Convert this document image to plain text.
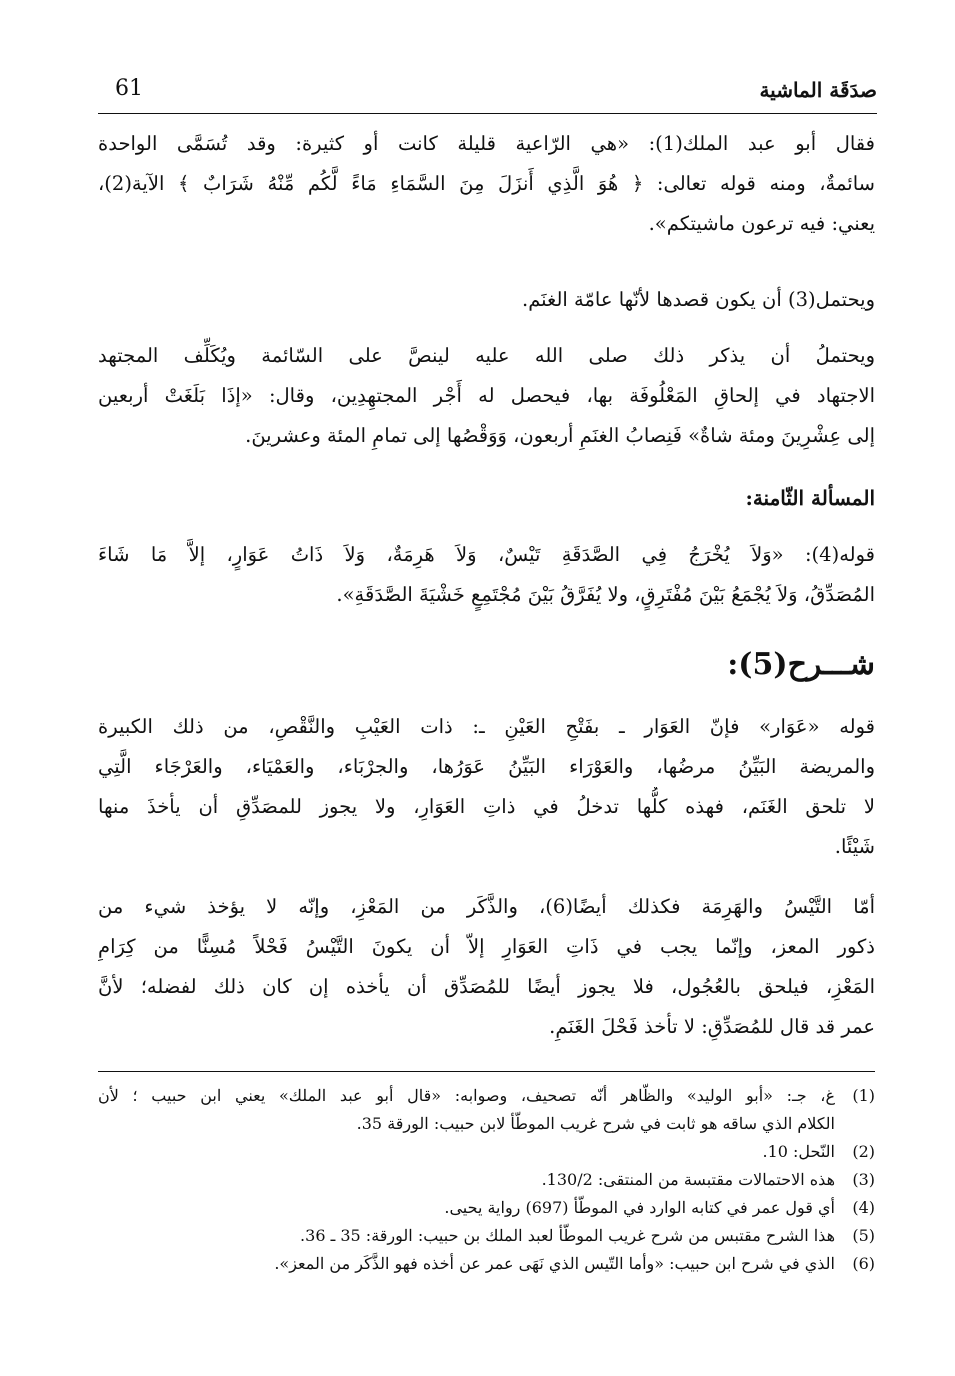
61	صدَقَة الماشية
فقال أبو عبد الملك(1): «هي الرّاعية قليلة كانت أو كثيرة: وقد تُسَمَّى الواحدة
سائمةٌ، ومنه قوله تعالى: ﴿ هُوَ الَّذِي أَنزَلَ مِنَ السَّمَاءِ مَاءً لَّكُم مِّنْهُ شَرَابٌ ﴾ الآية(2)،
يعني: فيه ترعون ماشيتكم».
ويحتمل(3) أن يكون قصدها لأنّها عامّة الغنَم.
ويحتملُ أن يذكر ذلك صلى الله عليه لينصَّ على السّائمة ويُكَلِّف المجتهد
الاجتهاد في إلحاقِ المَعْلُوفَة بها، فيحصل له أَجْر المجتهِدِين، وقال: «إذَا بَلَغَتْ أربعين
إلى عِشْرِينَ ومئة شاةٌ» فَنِصابُ الغنَمِ أربعون، وَوَقْصُها إلى تمامِ المئة وعشرينَ.
المسألة الثّامنة:
قوله(4): «وَلاَ يُخْرَجُ فِي الصَّدَقَةِ تَيْسٌ، وَلاَ هَرِمَةٌ، وَلاَ ذَاتُ عَوَارٍ، إلاَّ مَا شَاءَ
المُصَدِّقُ، وَلاَ يُجْمَعُ بَيْنَ مُفْتَرِقٍ، ولا يُفَرَّقُ بَيْنَ مُجْتَمِعٍ خَشْيَةَ الصَّدَقَةِ».
شـــرح(5):
قوله «عَوَار» فإنّ العَوَار ـ بفَتْحِ العَيْنِ ـ: ذات العَيْبِ والنَّقْصِ، من ذلك الكبيرة
والمريضة البَيِّنُ مرضُها، والعَوْرَاء البَيِّنُ عَوَرُها، والجرْبَاء، والعَمْيَاء، والعَرْجَاء الَّتِي
لا تلحق الغَنَم، فهذه كلُّها تدخلُ في ذاتِ العَوَارِ، ولا يجوز للمصَدِّقِ أن يأخذَ منها
شَيْئًا.
أمّا التَّيْسُ والهَرِمَة فكذلك أيضًا(6)، والذَّكَر من المَعْزِ، وإنّه لا يؤخذ شيء من
ذكور المعز، وإنّما يجب في ذَاتِ العَوَارِ إلاّ أن يكونَ التَّيْسُ فَحْلاً مُسِنًّا من كِرَامِ
المَعْزِ، فيلحق بالعُجُول، فلا يجوز أيضًا للمُصَدِّق أن يأخذه إن كان ذلك لفضله؛ لأنَّ
عمر قد قال للمُصَدِّقِ: لا تأخذ فَحْلَ الغَنَمِ.
(1)
غ، جـ: «أبو الوليد» والظّاهر أنّه تصحيف، وصوابه: «قال أبو عبد الملك» يعني ابن حبيب ؛ لأن
الكلام الذي ساقه هو ثابت في شرح غريب الموطّأ لابن حبيب: الورقة 35.
(2)
النّحل: 10.
(3)
هذه الاحتمالات مقتبسة من المنتقى: 130/2.
(4)
أي قول عمر في كتابه الوارد في الموطّأ (697) رواية يحيى.
(5)
هذا الشرح مقتبس من شرح غريب الموطّأ لعبد الملك بن حبيب: الورقة: 35 ـ 36.
(6)
الذي في شرح ابن حبيب: «وأما التّيس الذي نَهَى عمر عن أخذه فهو الذَّكَر من المعز».
